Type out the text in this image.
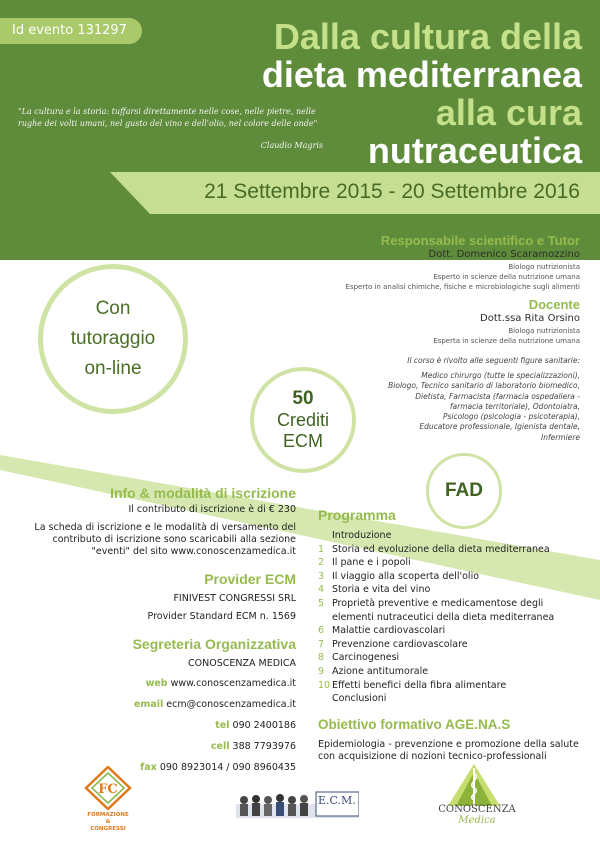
Id evento 131297	Dalla cultura della
dieta mediterranea
alla cura
nutraceutica
"La cultura e la storia: tuffarsi direttamente nelle cose, nelle pietre, nelle rughe dei volti umani, nel gusto del vino e dell'olio, nel colore delle onde"
Claudio Magris
21 Settembre 2015 - 20 Settembre 2016
Responsabile scientifico e Tutor
Dott. Domenico Scaramozzino
Biologo nutrizionista
Esperto in scienze della nutrizione umana
Esperto in analisi chimiche, fisiche e microbiologiche sugli alimenti
Docente
Dott.ssa Rita Orsino
Biologa nutrizionista
Esperta in scienze della nutrizione umana
Il corso è rivolto alle seguenti figure sanitarie:
Medico chirurgo (tutte le specializzazioni),
Biologo, Tecnico sanitario di laboratorio biomedico,
Dietista, Farmacista (farmacia ospedaliera -
farmacia territoriale), Odontoiatra,
Psicologo (psicologia - psicoterapia),
Educatore professionale, Igienista dentale,
Infermiere
Con
tutoraggio
on-line
50
Crediti
ECM
FAD
Info & modalità di iscrizione
Il contributo di iscrizione è di € 230
La scheda di iscrizione e le modalità di versamento del
contributo di iscrizione sono scaricabili alla sezione
"eventi" del sito www.conoscenzamedica.it
Provider ECM
FINIVEST CONGRESSI SRL
Provider Standard ECM n. 1569
Segreteria Organizzativa
CONOSCENZA MEDICA
web www.conoscenzamedica.it
email ecm@conoscenzamedica.it
tel 090 2400186
cell 388 7793976
fax 090 8923014 / 090 8960435
Programma
Introduzione
1 Storia ed evoluzione della dieta mediterranea
2 Il pane e i popoli
3 Il viaggio alla scoperta dell'olio
4 Storia e vita del vino
5 Proprietà preventive e medicamentose degli
elementi nutraceutici della dieta mediterranea
6 Malattie cardiovascolari
7 Prevenzione cardiovascolare
8 Carcinogenesi
9 Azione antitumorale
10 Effetti benefici della fibra alimentare
Conclusioni
Obiettivo formativo AGE.NA.S
Epidemiologia - prevenzione e promozione della salute con acquisizione di nozioni tecnico-professionali
FC
FORMAZIONE
&
CONGRESSI
E.C.M.
CONOSCENZA
Medica
